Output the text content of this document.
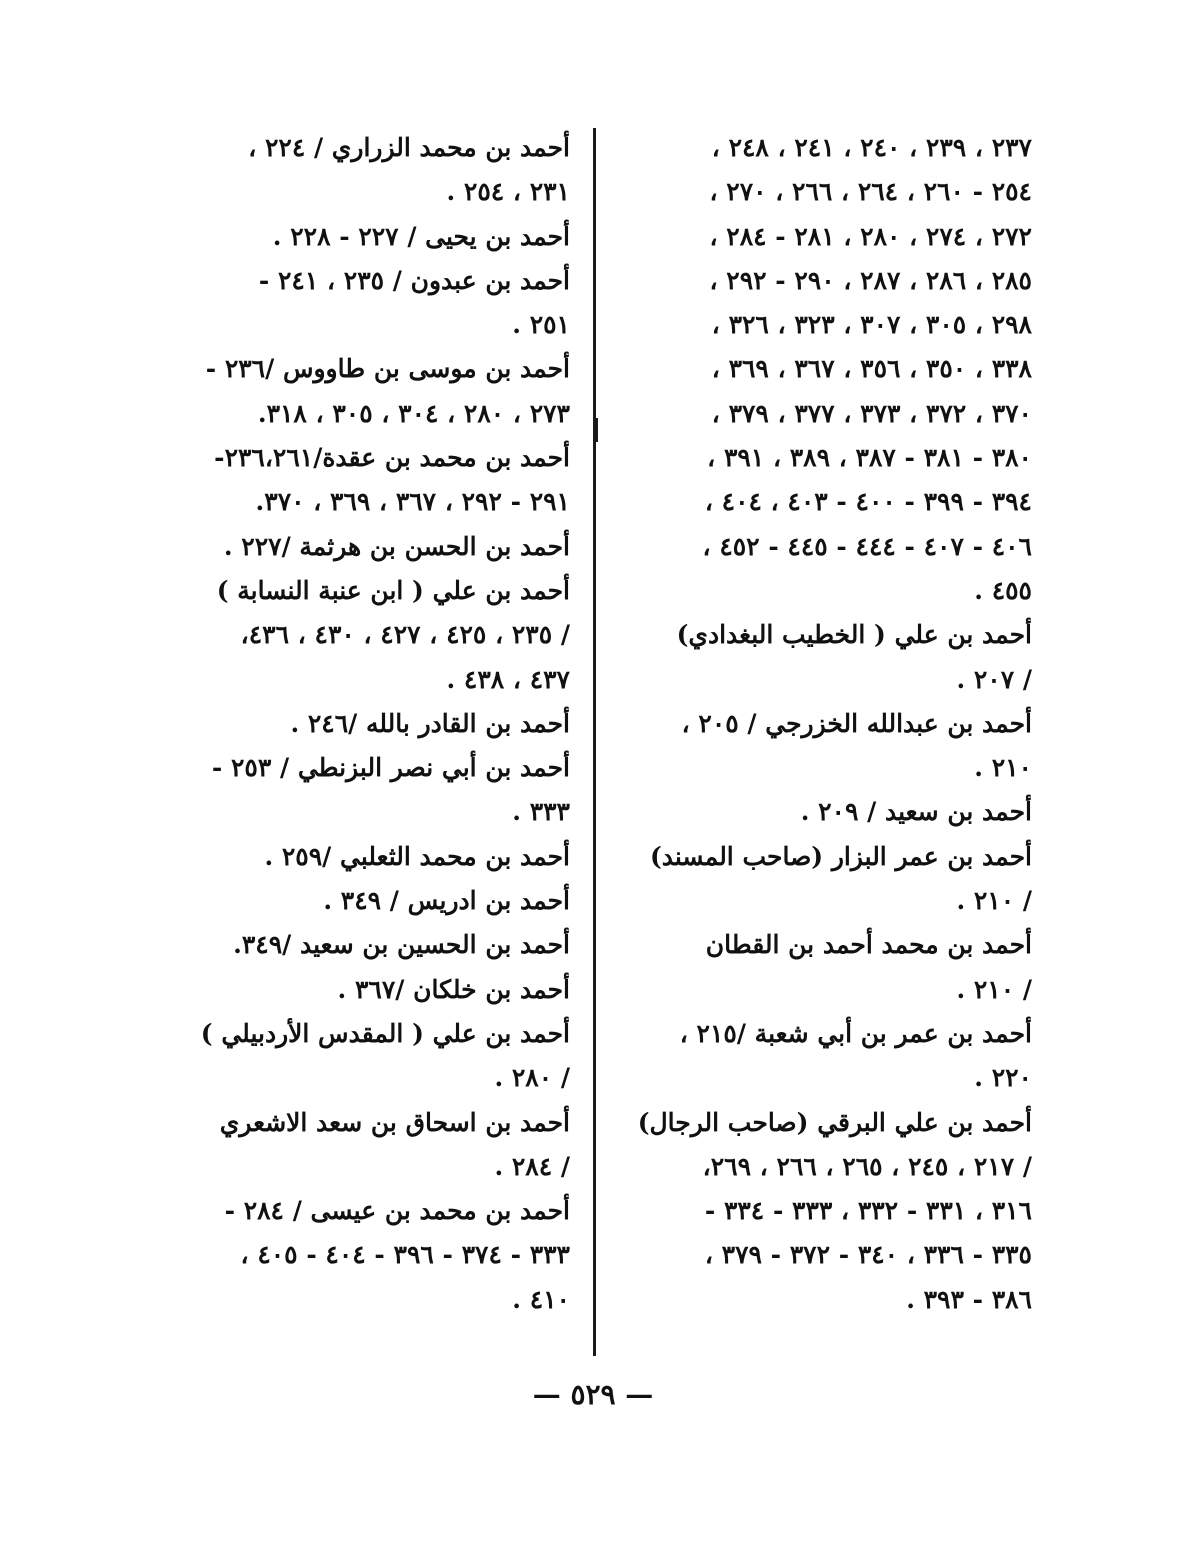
٢٣٧ ، ٢٣٩ ، ٢٤٠ ، ٢٤١ ، ٢٤٨ ،
٢٥٤ - ٢٦٠ ، ٢٦٤ ، ٢٦٦ ، ٢٧٠ ،
٢٧٢ ، ٢٧٤ ، ٢٨٠ ، ٢٨١ - ٢٨٤ ،
٢٨٥ ، ٢٨٦ ، ٢٨٧ ، ٢٩٠ - ٢٩٢ ،
٢٩٨ ، ٣٠٥ ، ٣٠٧ ، ٣٢٣ ، ٣٢٦ ،
٣٣٨ ، ٣٥٠ ، ٣٥٦ ، ٣٦٧ ، ٣٦٩ ،
٣٧٠ ، ٣٧٢ ، ٣٧٣ ، ٣٧٧ ، ٣٧٩ ،
٣٨٠ - ٣٨١ - ٣٨٧ ، ٣٨٩ ، ٣٩١ ،
٣٩٤ - ٣٩٩ - ٤٠٠ - ٤٠٣ ، ٤٠٤ ،
٤٠٦ - ٤٠٧ - ٤٤٤ - ٤٤٥ - ٤٥٢ ،
٤٥٥ .
أحمد بن علي ( الخطيب البغدادي)
/ ٢٠٧ .
أحمد بن عبدالله الخزرجي / ٢٠٥ ،
٢١٠ .
أحمد بن سعيد / ٢٠٩ .
أحمد بن عمر البزار (صاحب المسند)
/ ٢١٠ .
أحمد بن محمد أحمد بن القطان
/ ٢١٠ .
أحمد بن عمر بن أبي شعبة /٢١٥ ،
٢٢٠ .
أحمد بن علي البرقي (صاحب الرجال)
/ ٢١٧ ، ٢٤٥ ، ٢٦٥ ، ٢٦٦ ، ٢٦٩،
٣١٦ ، ٣٣١ - ٣٣٢ ، ٣٣٣ - ٣٣٤ -
٣٣٥ - ٣٣٦ ، ٣٤٠ - ٣٧٢ - ٣٧٩ ،
٣٨٦ - ٣٩٣ .
أحمد بن محمد الزراري / ٢٢٤ ،
٢٣١ ، ٢٥٤ .
أحمد بن يحيى / ٢٢٧ - ٢٢٨ .
أحمد بن عبدون / ٢٣٥ ، ٢٤١ -
٢٥١ .
أحمد بن موسى بن طاووس /٢٣٦ -
٢٧٣ ، ٢٨٠ ، ٣٠٤ ، ٣٠٥ ، ٣١٨.
أحمد بن محمد بن عقدة/٢٣٦،٢٦١-
٢٩١ - ٢٩٢ ، ٣٦٧ ، ٣٦٩ ، ٣٧٠.
أحمد بن الحسن بن هرثمة /٢٢٧ .
أحمد بن علي ( ابن عنبة النسابة )
/ ٢٣٥ ، ٤٢٥ ، ٤٢٧ ، ٤٣٠ ، ٤٣٦،
٤٣٧ ، ٤٣٨ .
أحمد بن القادر بالله /٢٤٦ .
أحمد بن أبي نصر البزنطي / ٢٥٣ -
٣٣٣ .
أحمد بن محمد الثعلبي /٢٥٩ .
أحمد بن ادريس / ٣٤٩ .
أحمد بن الحسين بن سعيد /٣٤٩.
أحمد بن خلكان /٣٦٧ .
أحمد بن علي ( المقدس الأردبيلي )
/ ٢٨٠ .
أحمد بن اسحاق بن سعد الاشعري
/ ٢٨٤ .
أحمد بن محمد بن عيسى / ٢٨٤ -
٣٣٣ - ٣٧٤ - ٣٩٦ - ٤٠٤ - ٤٠٥ ،
٤١٠ .
— ٥٢٩ —
